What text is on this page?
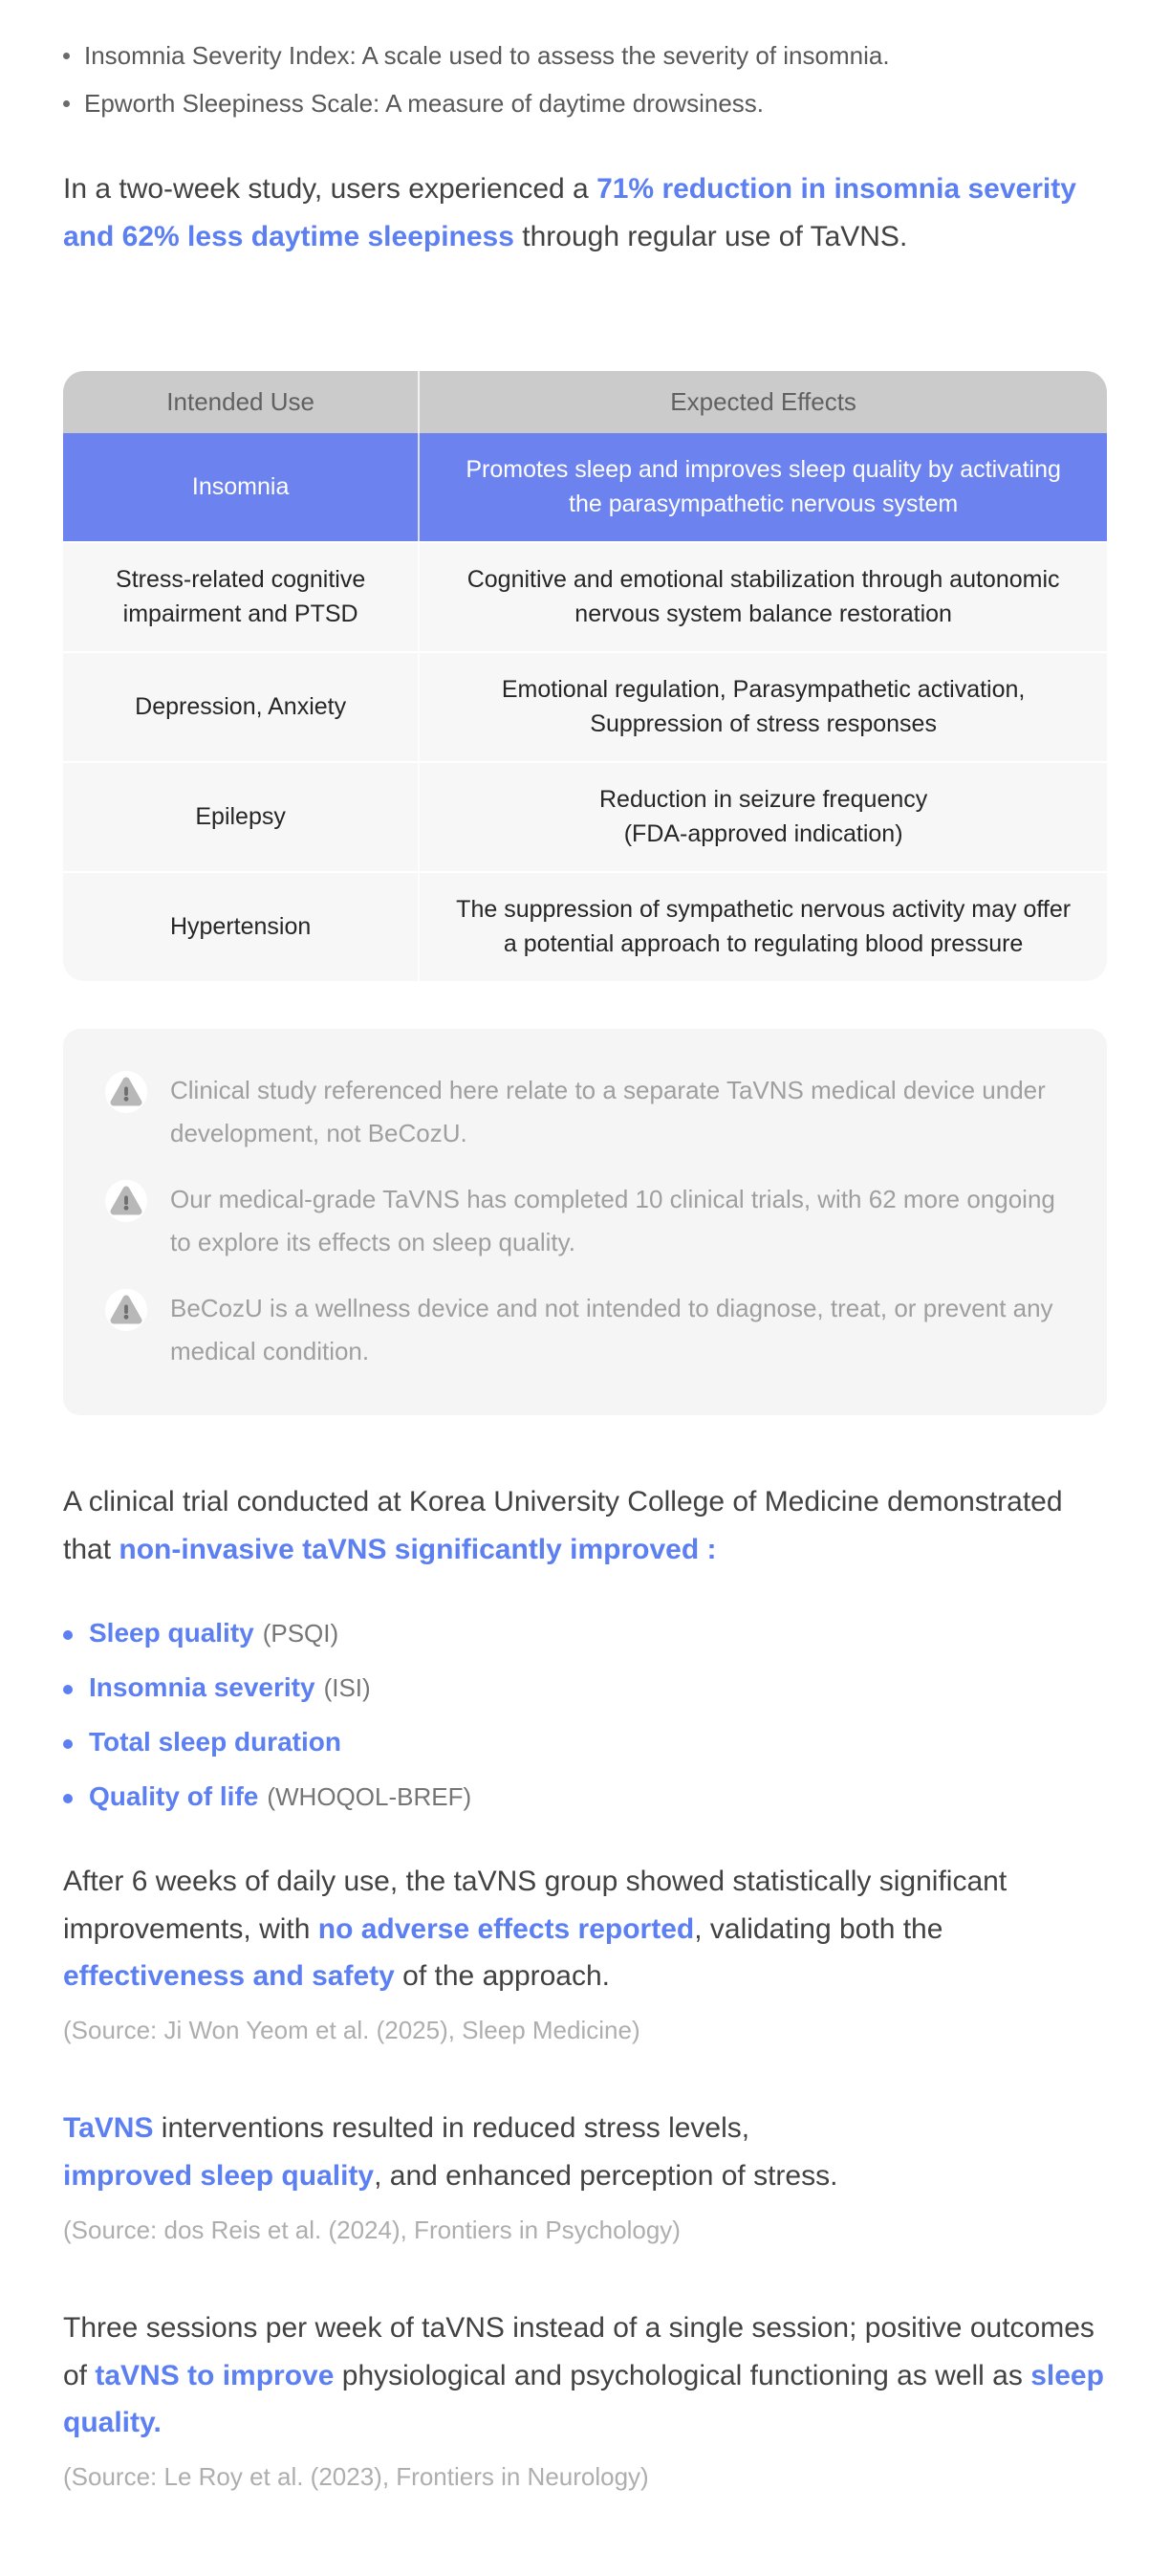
Insomnia Severity Index: A scale used to assess the severity of insomnia.
Epworth Sleepiness Scale: A measure of daytime drowsiness.

In a two-week study, users experienced a 71% reduction in insomnia severity and 62% less daytime sleepiness through regular use of TaVNS.

Intended Use	Expected Effects
Insomnia
Promotes sleep and improves sleep quality by activating the parasympathetic nervous system
Stress-related cognitive impairment and PTSD
Cognitive and emotional stabilization through autonomic nervous system balance restoration
Depression, Anxiety
Emotional regulation, Parasympathetic activation, Suppression of stress responses
Epilepsy
Reduction in seizure frequency
(FDA-approved indication)
Hypertension
The suppression of sympathetic nervous activity may offer a potential approach to regulating blood pressure
Clinical study referenced here relate to a separate TaVNS medical device under development, not BeCozU.
Our medical-grade TaVNS has completed 10 clinical trials, with 62 more ongoing to explore its effects on sleep quality.
BeCozU is a wellness device and not intended to diagnose, treat, or prevent any medical condition.

A clinical trial conducted at Korea University College of Medicine demonstrated that non-invasive taVNS significantly improved :

Sleep quality (PSQI)
Insomnia severity (ISI)
Total sleep duration
Quality of life (WHOQOL-BREF)

After 6 weeks of daily use, the taVNS group showed statistically significant improvements, with no adverse effects reported, validating both the effectiveness and safety of the approach.

(Source: Ji Won Yeom et al. (2025), Sleep Medicine)

TaVNS interventions resulted in reduced stress levels,
improved sleep quality, and enhanced perception of stress.

(Source: dos Reis et al. (2024), Frontiers in Psychology)

Three sessions per week of taVNS instead of a single session; positive outcomes of taVNS to improve physiological and psychological functioning as well as sleep quality.

(Source: Le Roy et al. (2023), Frontiers in Neurology)
